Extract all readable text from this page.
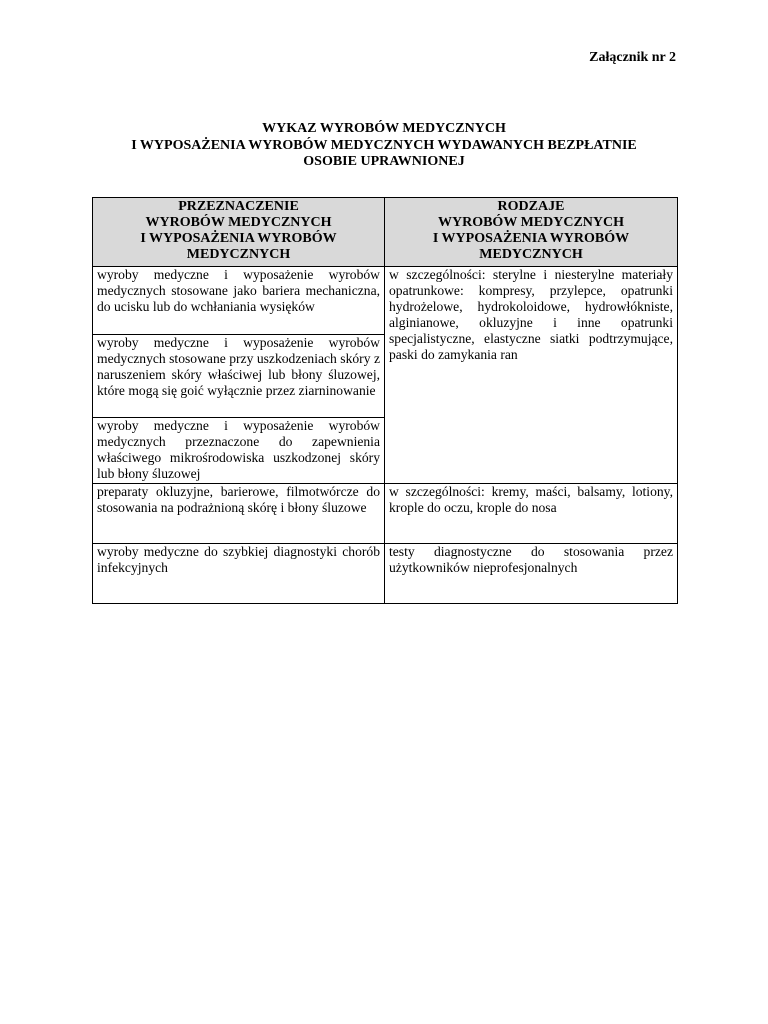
Załącznik nr 2
WYKAZ WYROBÓW MEDYCZNYCH
I WYPOSAŻENIA WYROBÓW MEDYCZNYCH WYDAWANYCH BEZPŁATNIE
OSOBIE UPRAWNIONEJ
PRZEZNACZENIE
WYROBÓW MEDYCZNYCH
I WYPOSAŻENIA WYROBÓW
MEDYCZNYCH	RODZAJE
WYROBÓW MEDYCZNYCH
I WYPOSAŻENIA WYROBÓW
MEDYCZNYCH

wyroby medyczne i wyposażenie wyrobów medycznych stosowane jako bariera mechaniczna, do ucisku lub do wchłaniania wysięków	w szczególności: sterylne i niesterylne materiały opatrunkowe: kompresy, przylepce, opatrunki hydrożelowe, hydrokoloidowe, hydrowłókniste, alginianowe, okluzyjne i inne opatrunki specjalistyczne, elastyczne siatki podtrzymujące, paski do zamykania ran
wyroby medyczne i wyposażenie wyrobów medycznych stosowane przy uszkodzeniach skóry z naruszeniem skóry właściwej lub błony śluzowej, które mogą się goić wyłącznie przez ziarninowanie	
wyroby medyczne i wyposażenie wyrobów medycznych przeznaczone do zapewnienia właściwego mikrośrodowiska uszkodzonej skóry lub błony śluzowej	
preparaty okluzyjne, barierowe, filmotwórcze do stosowania na podrażnioną skórę i błony śluzowe	w szczególności: kremy, maści, balsamy, lotiony, krople do oczu, krople do nosa
wyroby medyczne do szybkiej diagnostyki chorób infekcyjnych	testy diagnostyczne do stosowania przez użytkowników nieprofesjonalnych
